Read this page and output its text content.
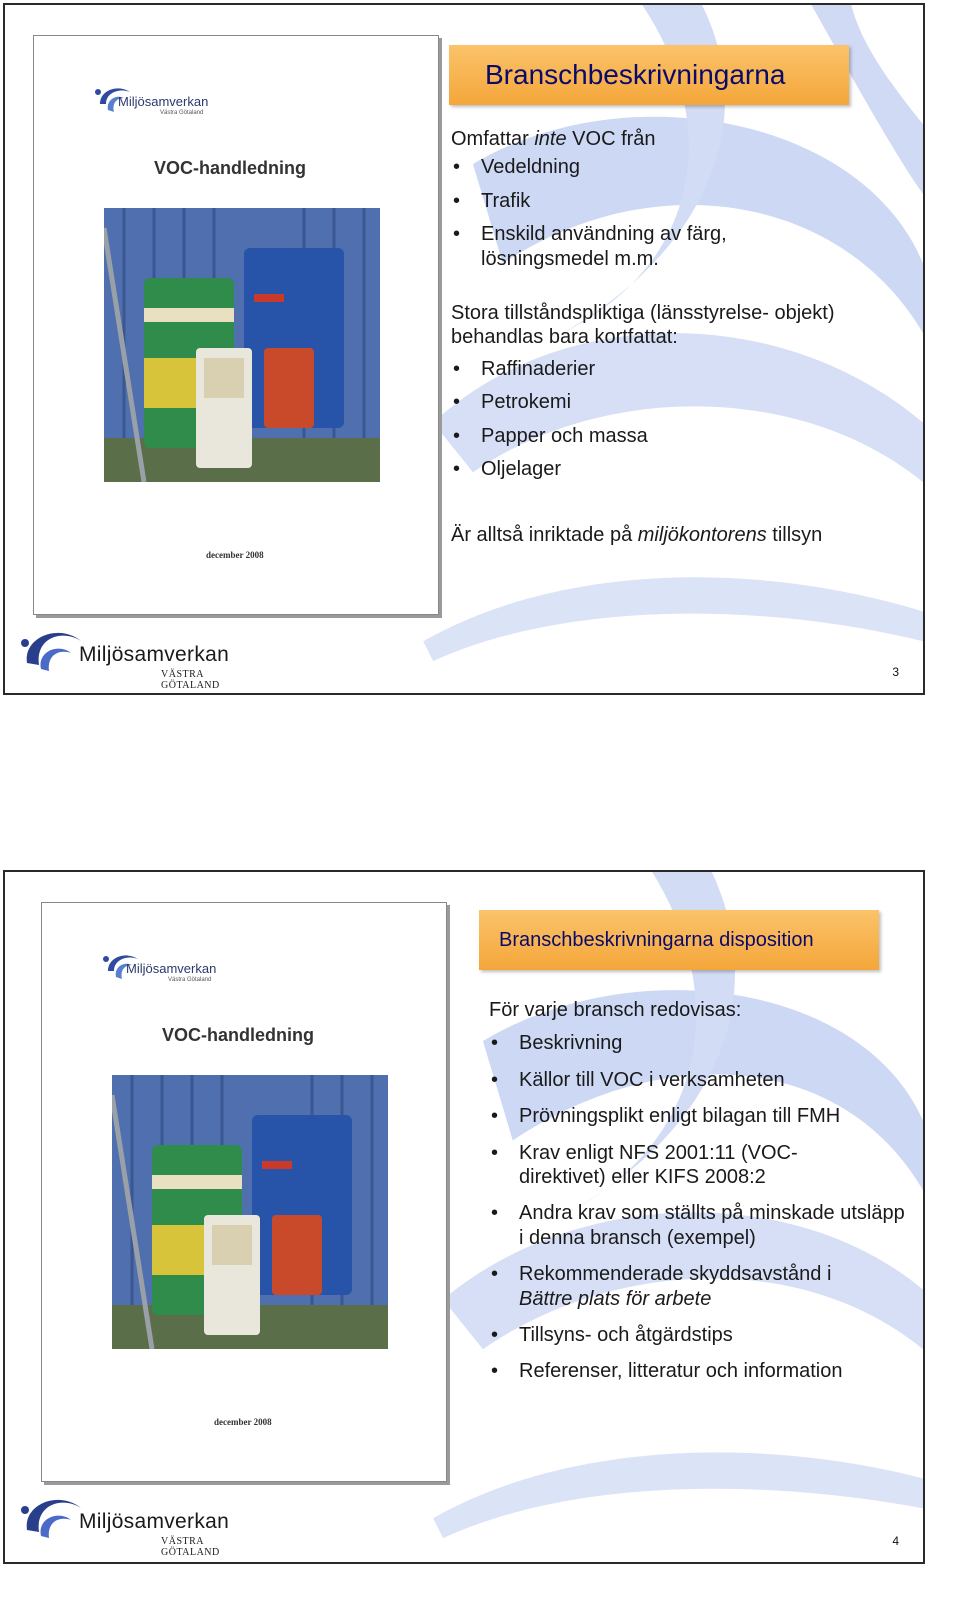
Miljösamverkan
Västra Götaland
VOC-handledning
december 2008
Branschbeskrivningarna

Omfattar inte VOC från

• Vedeldning
• Trafik
• Enskild användning av färg, lösningsmedel m.m.

Stora tillståndspliktiga (länsstyrelse- objekt) behandlas bara kortfattat:

• Raffinaderier
• Petrokemi
• Papper och massa
• Oljelager

Är alltså inriktade på miljökontorens tillsyn

Miljösamverkan
VÄSTRA GÖTALAND
3
Miljösamverkan
Västra Götaland
VOC-handledning
december 2008
Branschbeskrivningarna disposition

För varje bransch redovisas:

• Beskrivning
• Källor till VOC i verksamheten
• Prövningsplikt enligt bilagan till FMH
• Krav enligt NFS 2001:11 (VOC-direktivet) eller KIFS 2008:2
• Andra krav som ställts på minskade utsläpp i denna bransch (exempel)
• Rekommenderade skyddsavstånd i Bättre plats för arbete
• Tillsyns- och åtgärdstips
• Referenser, litteratur och information
Miljösamverkan
VÄSTRA GÖTALAND
4
